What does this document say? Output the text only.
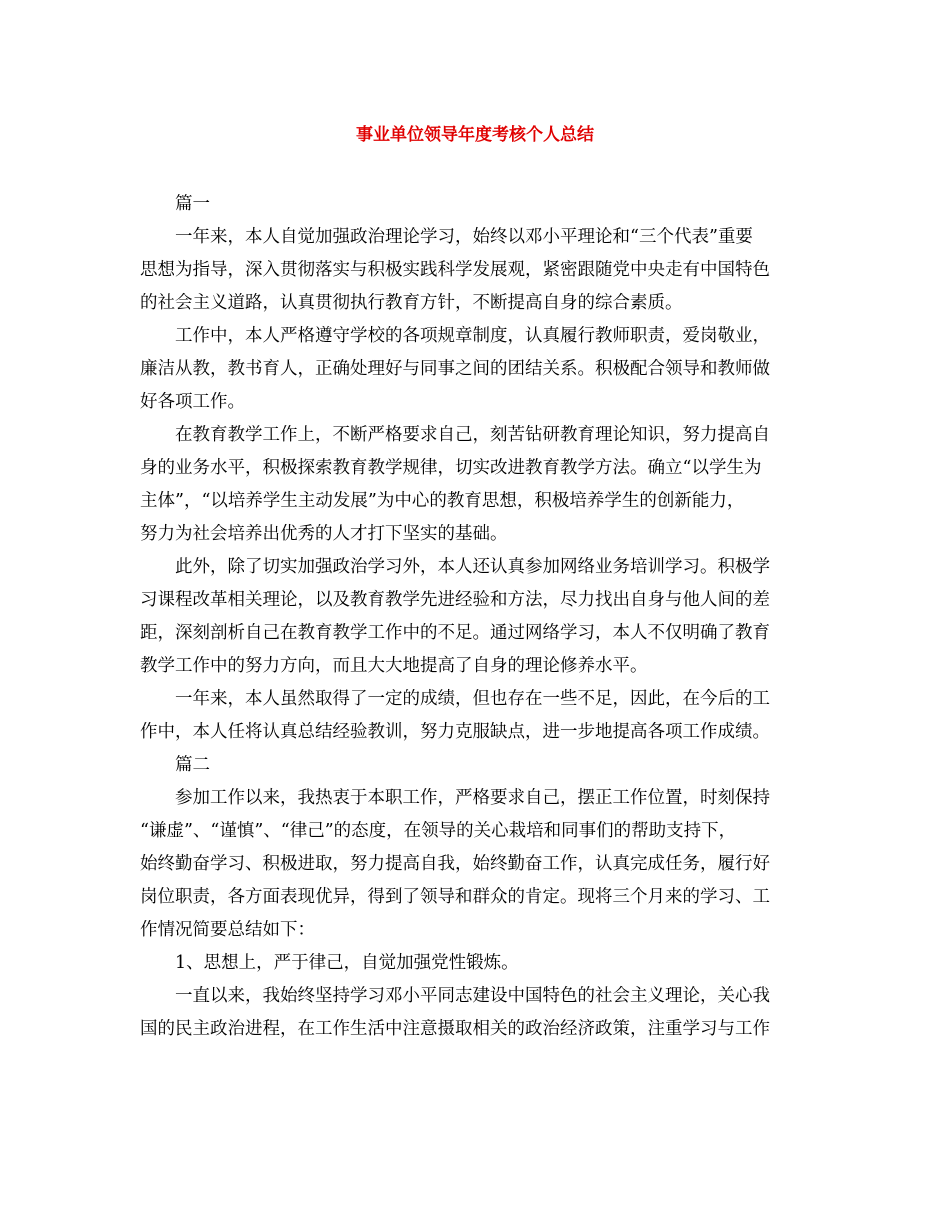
事业单位领导年度考核个人总结

篇一

一年来，本人自觉加强政治理论学习，始终以邓小平理论和“三个代表”重要
思想为指导，深入贯彻落实与积极实践科学发展观，紧密跟随党中央走有中国特色
的社会主义道路，认真贯彻执行教育方针，不断提高自身的综合素质。

工作中，本人严格遵守学校的各项规章制度，认真履行教师职责，爱岗敬业，
廉洁从教，教书育人，正确处理好与同事之间的团结关系。积极配合领导和教师做
好各项工作。

在教育教学工作上，不断严格要求自己，刻苦钻研教育理论知识，努力提高自
身的业务水平，积极探索教育教学规律，切实改进教育教学方法。确立“以学生为
主体”，“以培养学生主动发展”为中心的教育思想，积极培养学生的创新能力，
努力为社会培养出优秀的人才打下坚实的基础。

此外，除了切实加强政治学习外，本人还认真参加网络业务培训学习。积极学
习课程改革相关理论，以及教育教学先进经验和方法，尽力找出自身与他人间的差
距，深刻剖析自己在教育教学工作中的不足。通过网络学习，本人不仅明确了教育
教学工作中的努力方向，而且大大地提高了自身的理论修养水平。

一年来，本人虽然取得了一定的成绩，但也存在一些不足，因此，在今后的工
作中，本人任将认真总结经验教训，努力克服缺点，进一步地提高各项工作成绩。

篇二

参加工作以来，我热衷于本职工作，严格要求自己，摆正工作位置，时刻保持
“谦虚”、“谨慎”、“律己”的态度，在领导的关心栽培和同事们的帮助支持下，
始终勤奋学习、积极进取，努力提高自我，始终勤奋工作，认真完成任务，履行好
岗位职责，各方面表现优异，得到了领导和群众的肯定。现将三个月来的学习、工
作情况简要总结如下：

1、思想上，严于律己，自觉加强党性锻炼。

一直以来，我始终坚持学习邓小平同志建设中国特色的社会主义理论，关心我
国的民主政治进程，在工作生活中注意摄取相关的政治经济政策，注重学习与工作
